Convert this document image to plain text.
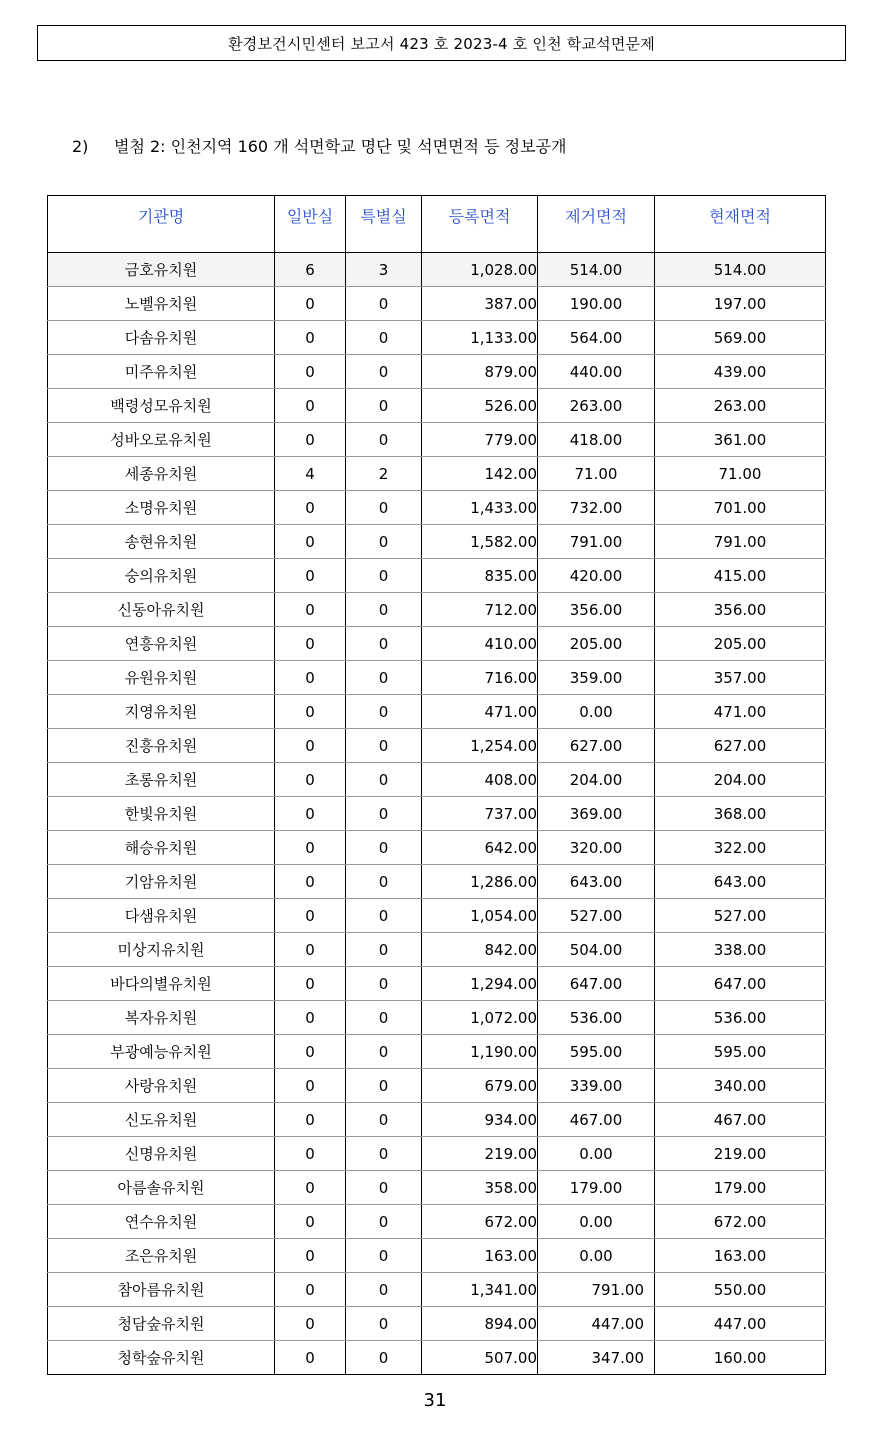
환경보건시민센터 보고서 423 호 2023-4 호 인천 학교석면문제
2) 별첨 2: 인천지역 160 개 석면학교 명단 및 석면면적 등 정보공개
기관명	일반실	특별실	등록면적	제거면적	현재면적
금호유치원	6	3	1,028.00	514.00	514.00
노벨유치원	0	0	387.00	190.00	197.00
다솜유치원	0	0	1,133.00	564.00	569.00
미주유치원	0	0	879.00	440.00	439.00
백령성모유치원	0	0	526.00	263.00	263.00
성바오로유치원	0	0	779.00	418.00	361.00
세종유치원	4	2	142.00	71.00	71.00
소명유치원	0	0	1,433.00	732.00	701.00
송현유치원	0	0	1,582.00	791.00	791.00
숭의유치원	0	0	835.00	420.00	415.00
신동아유치원	0	0	712.00	356.00	356.00
연흥유치원	0	0	410.00	205.00	205.00
유원유치원	0	0	716.00	359.00	357.00
지영유치원	0	0	471.00	0.00	471.00
진흥유치원	0	0	1,254.00	627.00	627.00
초롱유치원	0	0	408.00	204.00	204.00
한빛유치원	0	0	737.00	369.00	368.00
해승유치원	0	0	642.00	320.00	322.00
기암유치원	0	0	1,286.00	643.00	643.00
다샘유치원	0	0	1,054.00	527.00	527.00
미상지유치원	0	0	842.00	504.00	338.00
바다의별유치원	0	0	1,294.00	647.00	647.00
복자유치원	0	0	1,072.00	536.00	536.00
부광예능유치원	0	0	1,190.00	595.00	595.00
사랑유치원	0	0	679.00	339.00	340.00
신도유치원	0	0	934.00	467.00	467.00
신명유치원	0	0	219.00	0.00	219.00
아름솔유치원	0	0	358.00	179.00	179.00
연수유치원	0	0	672.00	0.00	672.00
조은유치원	0	0	163.00	0.00	163.00
참아름유치원	0	0	1,341.00	791.00	550.00
청담숲유치원	0	0	894.00	447.00	447.00
청학숲유치원	0	0	507.00	347.00	160.00
31
